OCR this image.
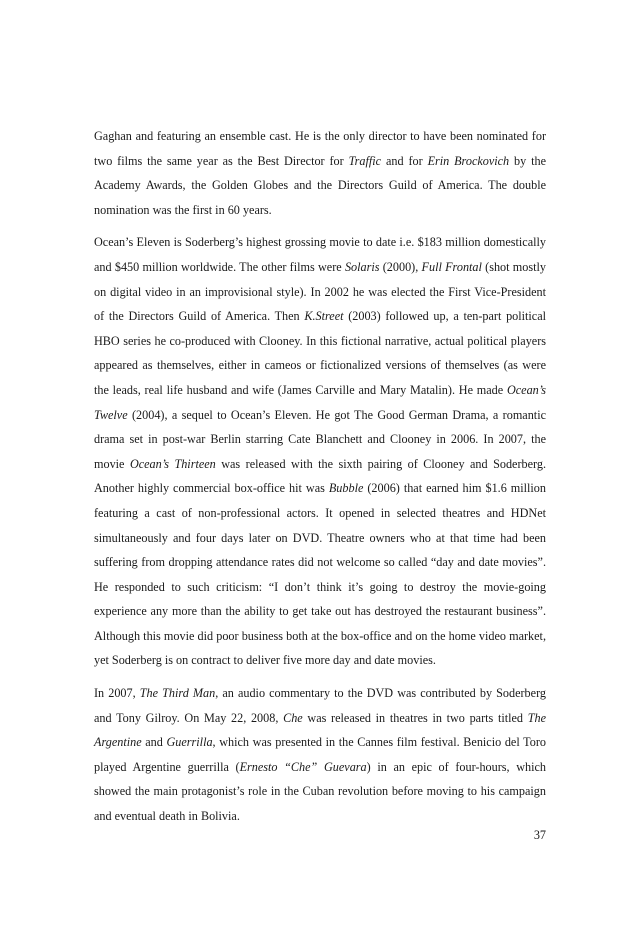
Gaghan and featuring an ensemble cast. He is the only director to have been nominated for two films the same year as the Best Director for Traffic and for Erin Brockovich by the Academy Awards, the Golden Globes and the Directors Guild of America. The double nomination was the first in 60 years.

Ocean’s Eleven is Soderberg’s highest grossing movie to date i.e. $183 million domestically and $450 million worldwide. The other films were Solaris (2000), Full Frontal (shot mostly on digital video in an improvisional style). In 2002 he was elected the First Vice-President of the Directors Guild of America. Then K.Street (2003) followed up, a ten-part political HBO series he co-produced with Clooney. In this fictional narrative, actual political players appeared as themselves, either in cameos or fictionalized versions of themselves (as were the leads, real life husband and wife (James Carville and Mary Matalin). He made Ocean’s Twelve (2004), a sequel to Ocean’s Eleven. He got The Good German Drama, a romantic drama set in post-war Berlin starring Cate Blanchett and Clooney in 2006. In 2007, the movie Ocean’s Thirteen was released with the sixth pairing of Clooney and Soderberg. Another highly commercial box-office hit was Bubble (2006) that earned him $1.6 million featuring a cast of non-professional actors. It opened in selected theatres and HDNet simultaneously and four days later on DVD. Theatre owners who at that time had been suffering from dropping attendance rates did not welcome so called “day and date movies”. He responded to such criticism: “I don’t think it’s going to destroy the movie-going experience any more than the ability to get take out has destroyed the restaurant business”. Although this movie did poor business both at the box-office and on the home video market, yet Soderberg is on contract to deliver five more day and date movies.

In 2007, The Third Man, an audio commentary to the DVD was contributed by Soderberg and Tony Gilroy. On May 22, 2008, Che was released in theatres in two parts titled The Argentine and Guerrilla, which was presented in the Cannes film festival. Benicio del Toro played Argentine guerrilla (Ernesto “Che” Guevara) in an epic of four-hours, which showed the main protagonist’s role in the Cuban revolution before moving to his campaign and eventual death in Bolivia.

37
